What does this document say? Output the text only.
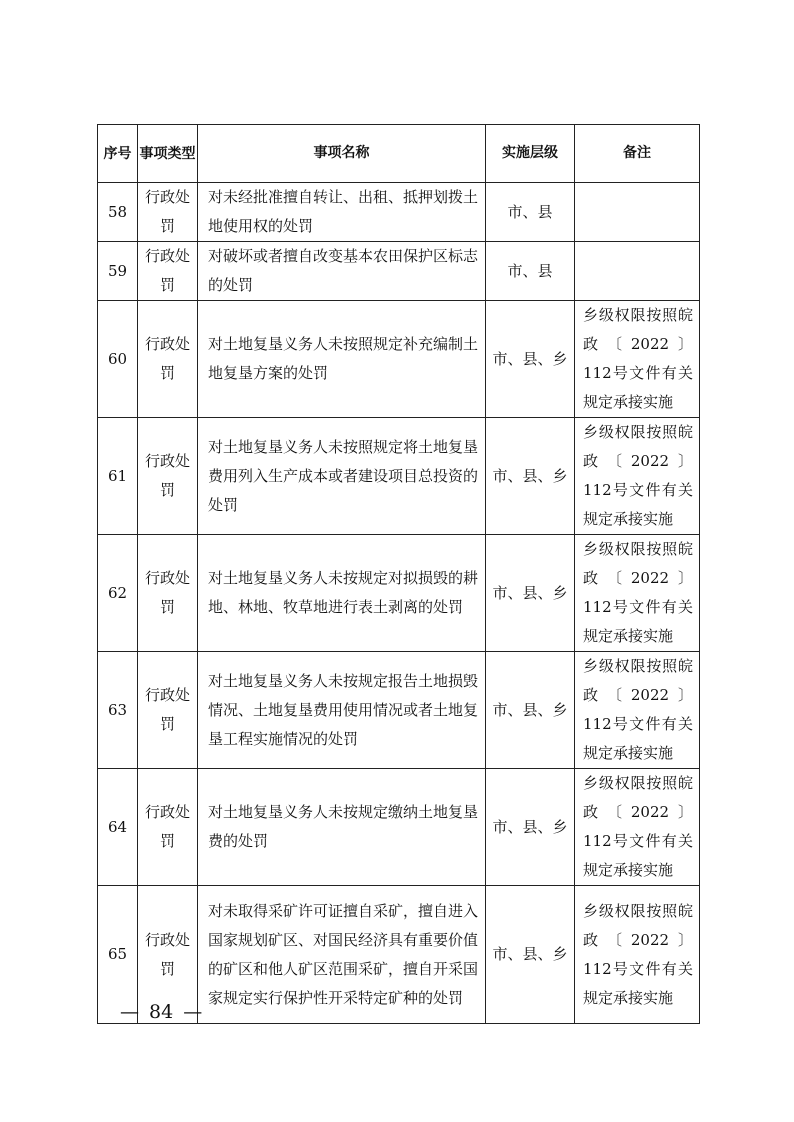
序号	事项类型	事项名称	实施层级	备注
58	行政处罚	对未经批准擅自转让、出租、抵押划拨土地使用权的处罚	市、县	
59	行政处罚	对破坏或者擅自改变基本农田保护区标志的处罚	市、县	
60	行政处罚	对土地复垦义务人未按照规定补充编制土地复垦方案的处罚	市、县、乡	乡级权限按照皖政〔2022〕112号文件有关规定承接实施
61	行政处罚	对土地复垦义务人未按照规定将土地复垦费用列入生产成本或者建设项目总投资的处罚	市、县、乡	乡级权限按照皖政〔2022〕112号文件有关规定承接实施
62	行政处罚	对土地复垦义务人未按规定对拟损毁的耕地、林地、牧草地进行表土剥离的处罚	市、县、乡	乡级权限按照皖政〔2022〕112号文件有关规定承接实施
63	行政处罚	对土地复垦义务人未按规定报告土地损毁情况、土地复垦费用使用情况或者土地复垦工程实施情况的处罚	市、县、乡	乡级权限按照皖政〔2022〕112号文件有关规定承接实施
64	行政处罚	对土地复垦义务人未按规定缴纳土地复垦费的处罚	市、县、乡	乡级权限按照皖政〔2022〕112号文件有关规定承接实施
65	行政处罚	对未取得采矿许可证擅自采矿，擅自进入国家规划矿区、对国民经济具有重要价值的矿区和他人矿区范围采矿，擅自开采国家规定实行保护性开采特定矿种的处罚	市、县、乡	乡级权限按照皖政〔2022〕112号文件有关规定承接实施
— 84 —
